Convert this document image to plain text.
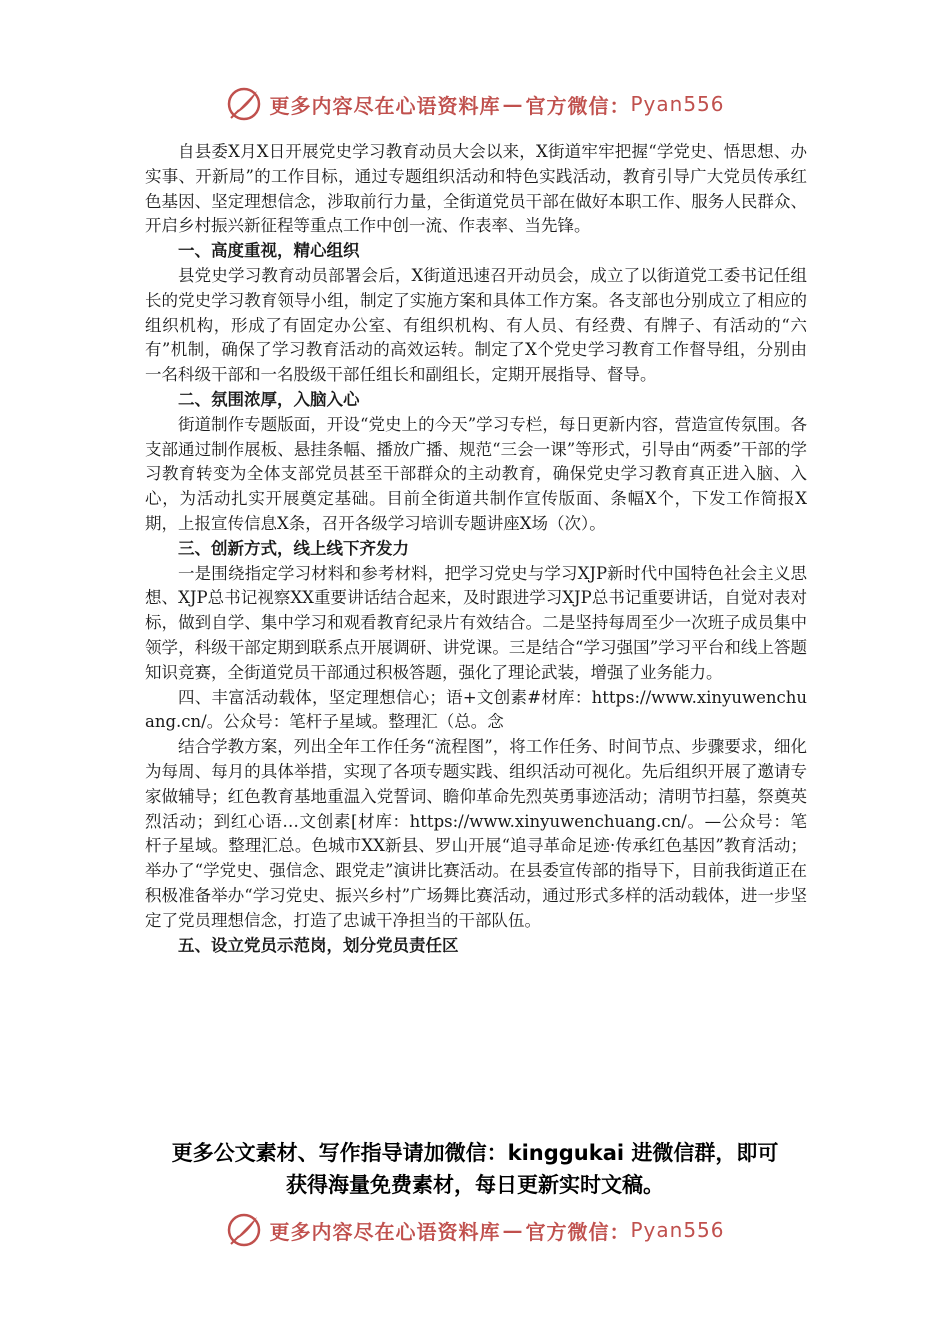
更多内容尽在心语资料库 — 官方微信： Pyan556

自县委X月X日开展党史学习教育动员大会以来，X街道牢牢把握“学党史、悟思想、办实事、开新局”的工作目标，通过专题组织活动和特色实践活动，教育引导广大党员传承红色基因、坚定理想信念，涉取前行力量，全街道党员干部在做好本职工作、服务人民群众、开启乡村振兴新征程等重点工作中创一流、作表率、当先锋。

一、高度重视，精心组织

县党史学习教育动员部署会后，X街道迅速召开动员会，成立了以街道党工委书记任组长的党史学习教育领导小组，制定了实施方案和具体工作方案。各支部也分别成立了相应的组织机构，形成了有固定办公室、有组织机构、有人员、有经费、有牌子、有活动的“六有”机制，确保了学习教育活动的高效运转。制定了X个党史学习教育工作督导组，分别由一名科级干部和一名股级干部任组长和副组长，定期开展指导、督导。

二、氛围浓厚，入脑入心

街道制作专题版面，开设“党史上的今天”学习专栏，每日更新内容，营造宣传氛围。各支部通过制作展板、悬挂条幅、播放广播、规范“三会一课”等形式，引导由“两委”干部的学习教育转变为全体支部党员甚至干部群众的主动教育，确保党史学习教育真正进入脑、入心，为活动扎实开展奠定基础。目前全街道共制作宣传版面、条幅X个，下发工作简报X期，上报宣传信息X条，召开各级学习培训专题讲座X场（次）。

三、创新方式，线上线下齐发力

一是围绕指定学习材料和参考材料，把学习党史与学习XJP新时代中国特色社会主义思想、XJP总书记视察XX重要讲话结合起来，及时跟进学习XJP总书记重要讲话，自觉对表对标，做到自学、集中学习和观看教育纪录片有效结合。二是坚持每周至少一次班子成员集中领学，科级干部定期到联系点开展调研、讲党课。三是结合“学习强国”学习平台和线上答题知识竞赛，全街道党员干部通过积极答题，强化了理论武装，增强了业务能力。

四、丰富活动载体，坚定理想信心；语+文创素#材库：https://www.xinyuwenchuang.cn/。公众号：笔杆子星域。整理汇（总。念

结合学教方案，列出全年工作任务“流程图”，将工作任务、时间节点、步骤要求，细化为每周、每月的具体举措，实现了各项专题实践、组织活动可视化。先后组织开展了邀请专家做辅导；红色教育基地重温入党誓词、瞻仰革命先烈英勇事迹活动；清明节扫墓，祭奠英烈活动；到红心语…文创素[材库：https://www.xinyuwenchuang.cn/。—公众号：笔杆子星域。整理汇总。色城市XX新县、罗山开展“追寻革命足迹·传承红色基因”教育活动；举办了“学党史、强信念、跟党走”演讲比赛活动。在县委宣传部的指导下，目前我街道正在积极准备举办“学习党史、振兴乡村”广场舞比赛活动，通过形式多样的活动载体，进一步坚定了党员理想信念，打造了忠诚干净担当的干部队伍。

五、设立党员示范岗，划分党员责任区
更多公文素材、写作指导请加微信：kinggukai 进微信群，即可
获得海量免费素材，每日更新实时文稿。
更多内容尽在心语资料库 — 官方微信： Pyan556
